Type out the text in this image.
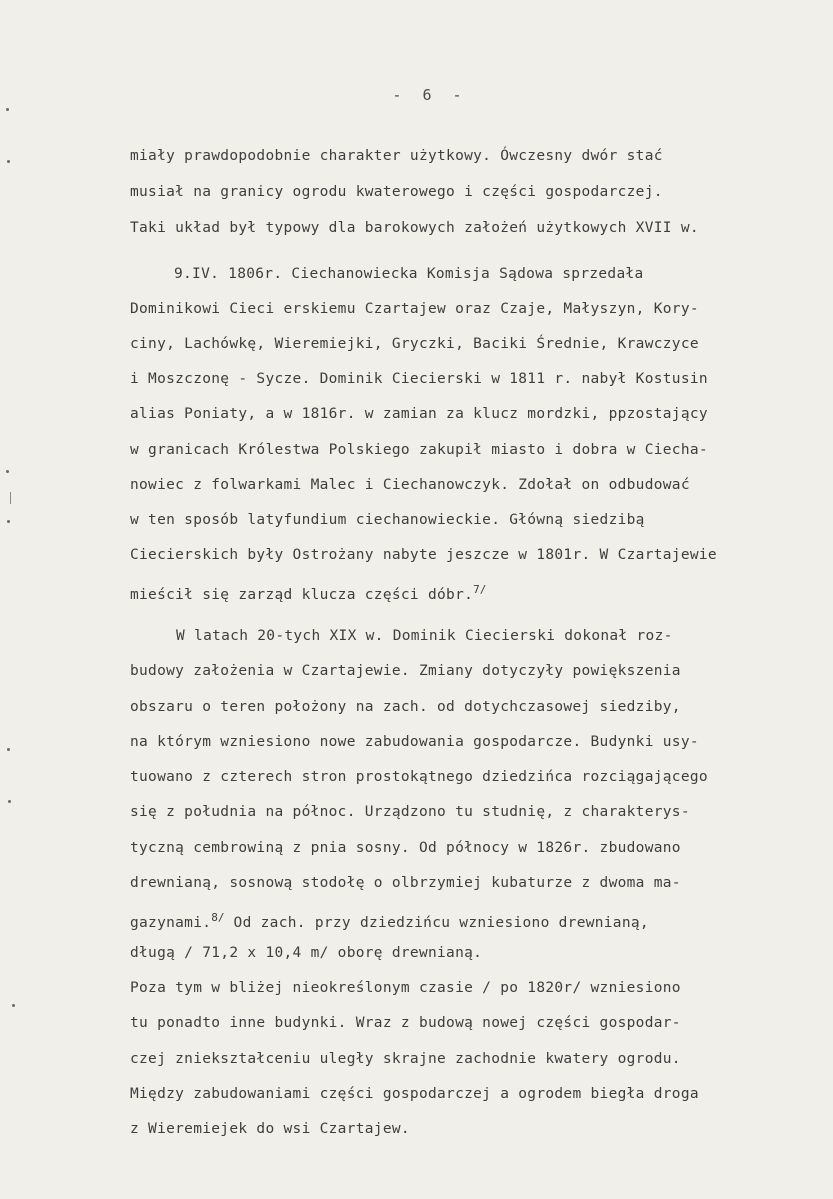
- 6 -
miały prawdopodobnie charakter użytkowy. Ówczesny dwór stać
musiał na granicy ogrodu kwaterowego i części gospodarczej.
Taki układ był typowy dla barokowych założeń użytkowych XVII w.
9.IV. 1806r. Ciechanowiecka Komisja Sądowa sprzedała
Dominikowi Cieci erskiemu Czartajew oraz Czaje, Małyszyn, Kory-
ciny, Lachówkę, Wieremiejki, Gryczki, Baciki Średnie, Krawczyce
i Moszczonę - Sycze. Dominik Ciecierski w 1811 r. nabył Kostusin
alias Poniaty, a w 1816r. w zamian za klucz mordzki, ppzostający
w granicach Królestwa Polskiego zakupił miasto i dobra w Ciecha-
nowiec z folwarkami Malec i Ciechanowczyk. Zdołał on odbudować
w ten sposób latyfundium ciechanowieckie. Główną siedzibą
Ciecierskich były Ostrożany nabyte jeszcze w 1801r. W Czartajewie
mieścił się zarząd klucza części dóbr.$^{7/}$
W latach 20-tych XIX w. Dominik Ciecierski dokonał roz-
budowy założenia w Czartajewie. Zmiany dotyczyły powiększenia
obszaru o teren położony na zach. od dotychczasowej siedziby,
na którym wzniesiono nowe zabudowania gospodarcze. Budynki usy-
tuowano z czterech stron prostokątnego dziedzińca rozciągającego
się z południa na północ. Urządzono tu studnię, z charakterys-
tyczną cembrowiną z pnia sosny. Od północy w 1826r. zbudowano
drewnianą, sosnową stodołę o olbrzymiej kubaturze z dwoma ma-
gazynami.$^{8/}$ Od zach. przy dziedzińcu wzniesiono drewnianą,
długą / 71,2 x 10,4 m/ oborę drewnianą.
Poza tym w bliżej nieokreślonym czasie / po 1820r/ wzniesiono
tu ponadto inne budynki. Wraz z budową nowej części gospodar-
czej zniekształceniu uległy skrajne zachodnie kwatery ogrodu.
Między zabudowaniami części gospodarczej a ogrodem biegła droga
z Wieremiejek do wsi Czartajew.
